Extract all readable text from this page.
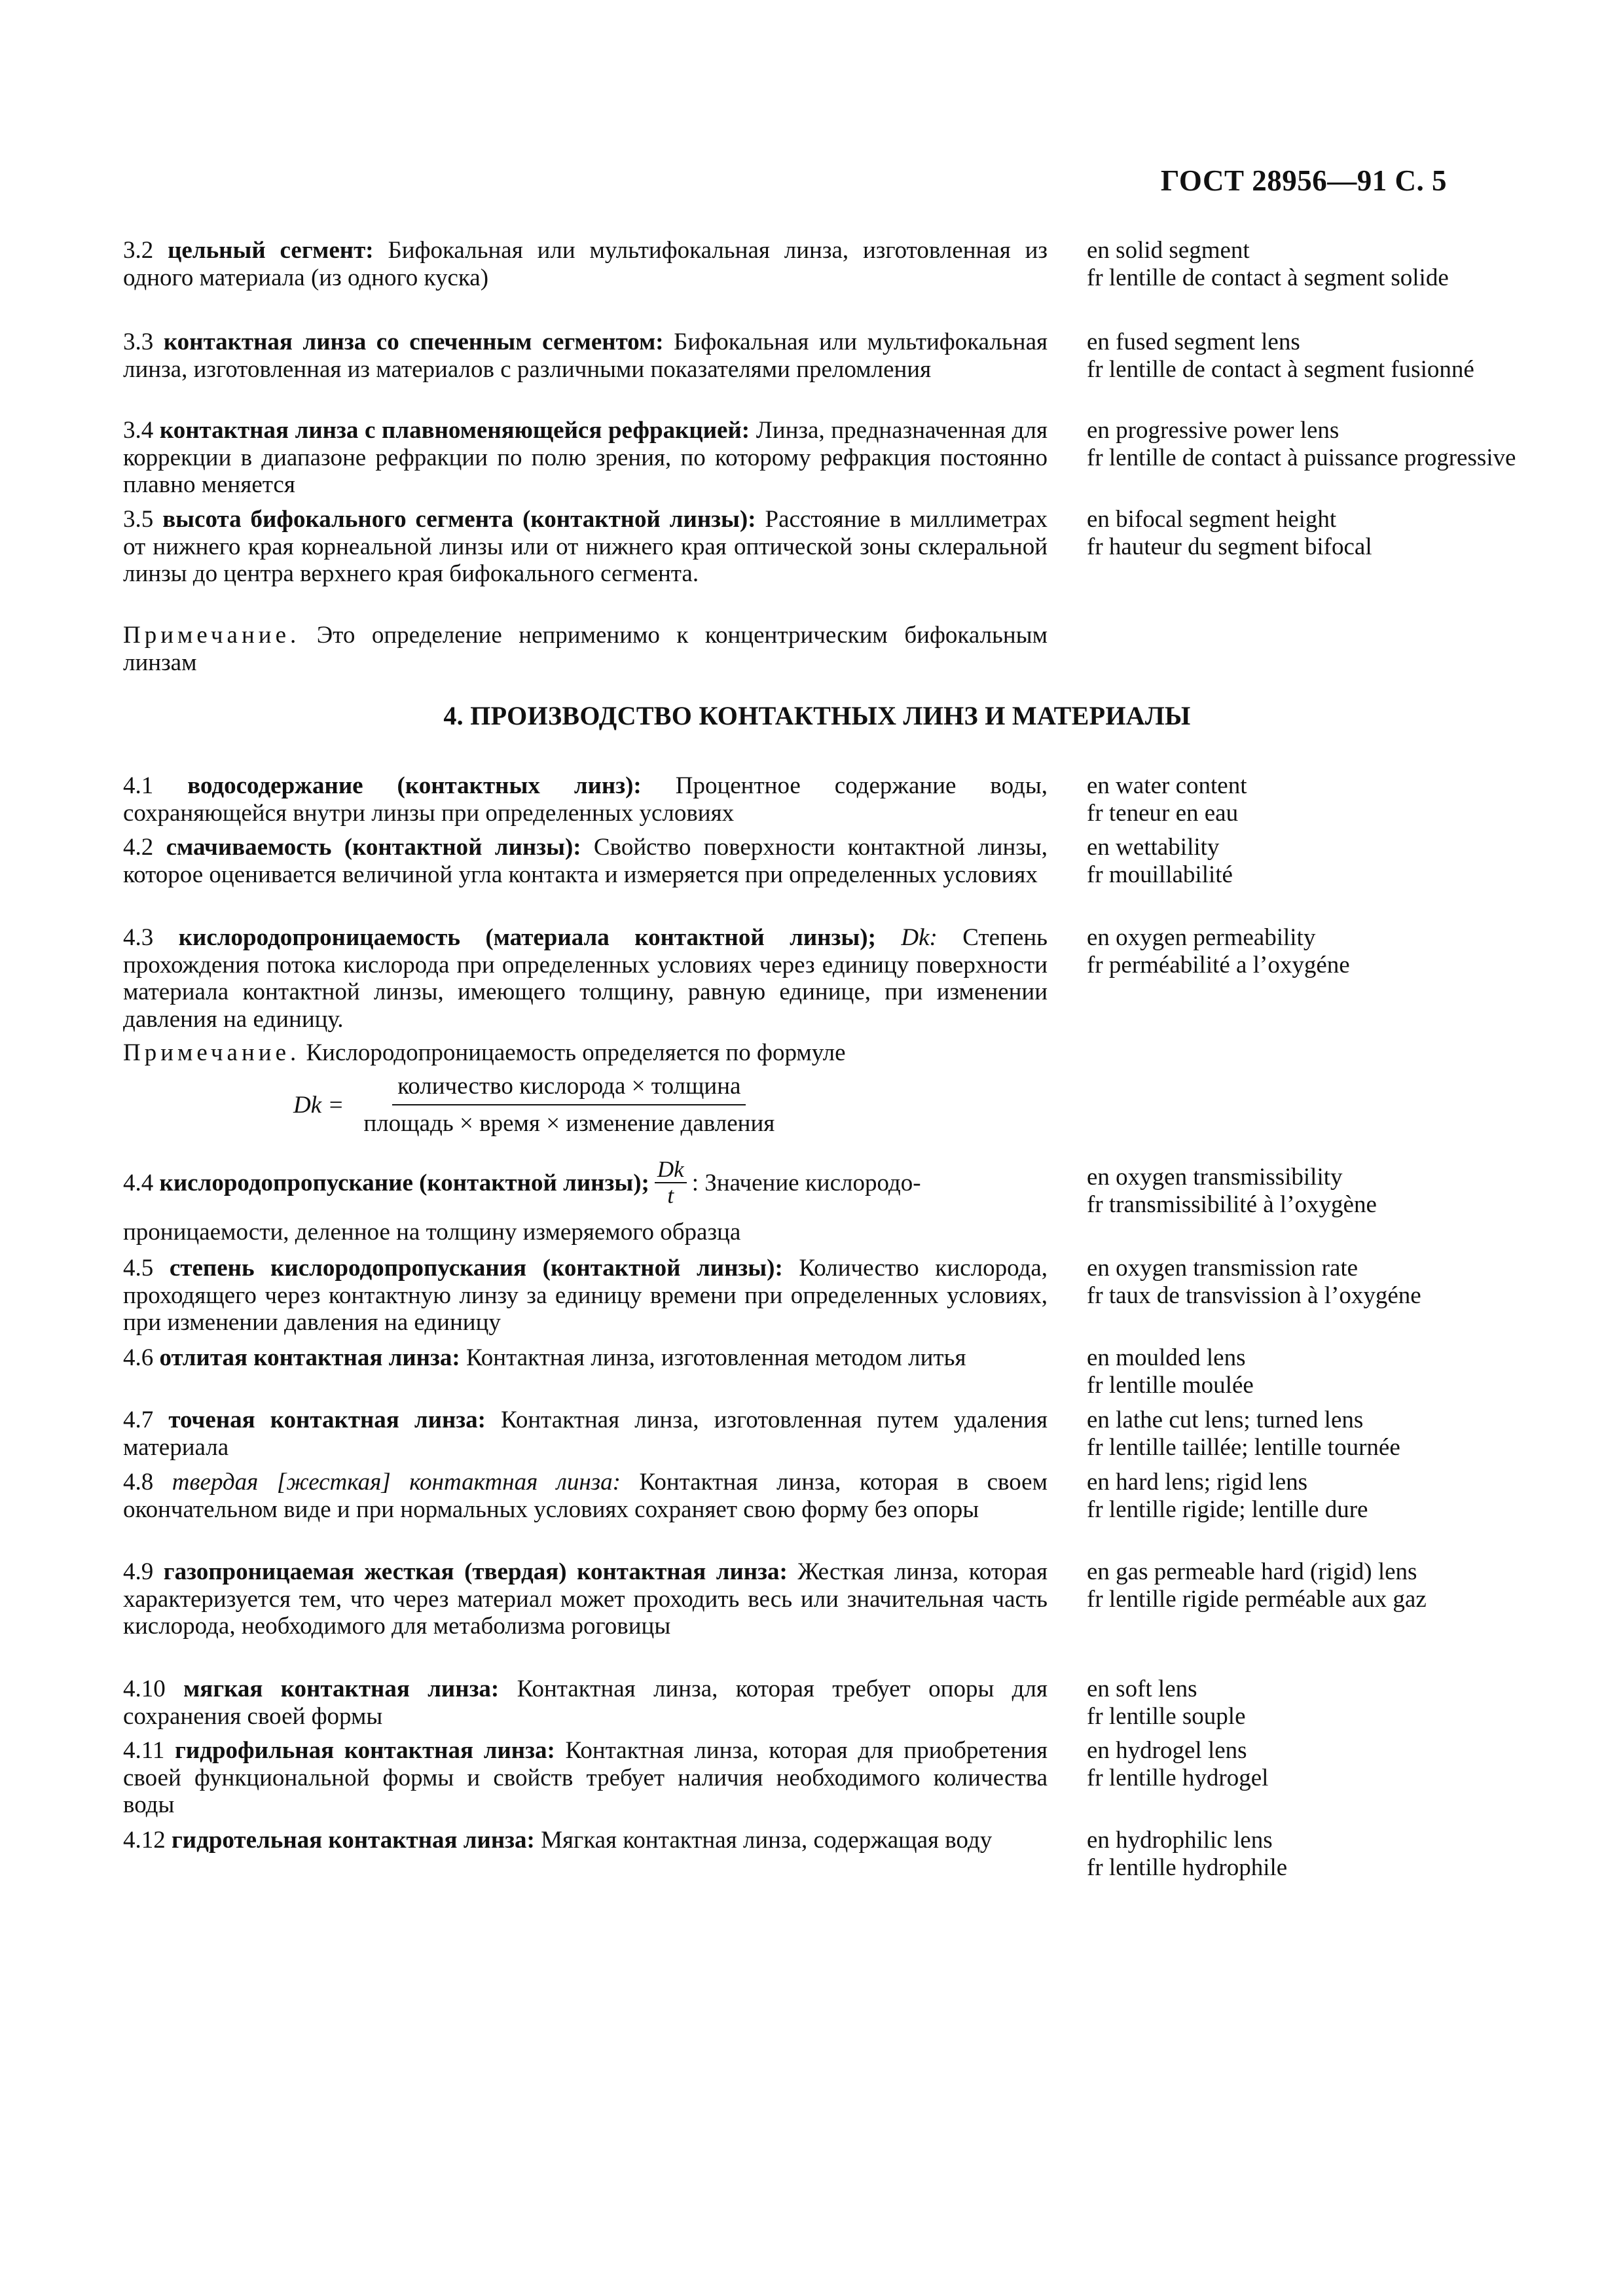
ГОСТ 28956—91 С. 5
3.2 цельный сегмент: Бифокальная или мультифокальная линза, изготовленная из одного материала (из одного куска)
en solid segment
fr lentille de contact à segment solide
3.3 контактная линза со спеченным сегментом: Бифокальная или мультифокальная линза, изготовленная из материалов с различными показателями преломления
en fused segment lens
fr lentille de contact à segment fusionné
3.4 контактная линза с плавноменяющейся рефракцией: Линза, предназначенная для коррекции в диапазоне рефракции по полю зрения, по которому рефракция постоянно плавно меняется
en progressive power lens
fr lentille de contact à puissance progressive
3.5 высота бифокального сегмента (контактной линзы): Расстояние в миллиметрах от нижнего края корнеальной линзы или от нижнего края оптической зоны склеральной линзы до центра верхнего края бифокального сегмента.
en bifocal segment height
fr hauteur du segment bifocal
Примечание. Это определение неприменимо к концентрическим бифокальным линзам
4. ПРОИЗВОДСТВО КОНТАКТНЫХ ЛИНЗ И МАТЕРИАЛЫ
4.1 водосодержание (контактных линз): Процентное содержание воды, сохраняющейся внутри линзы при определенных условиях
en water content
fr teneur en eau
4.2 смачиваемость (контактной линзы): Свойство поверхности контактной линзы, которое оценивается величиной угла контакта и измеряется при определенных условиях
en wettability
fr mouillabilité
4.3 кислородопроницаемость (материала контактной линзы); Dk: Степень прохождения потока кислорода при определенных условиях через единицу поверхности материала контактной линзы, имеющего толщину, равную единице, при изменении давления на единицу.
en oxygen permeability
fr perméabilité a l’oxygéne
Примечание. Кислородопроницаемость определяется по формуле
$Dk = \frac{\text{количество кислорода × толщина}}{\text{площадь × время × изменение давления}}$
4.4
кислородопропускание (контактной линзы); $\frac{Dk}{t}$ : Значение кислородо-
проницаемости, деленное на толщину измеряемого образца
en oxygen transmissibility
fr transmissibilité à l’oxygène
4.5 степень кислородопропускания (контактной линзы): Количество кислорода, проходящего через контактную линзу за единицу времени при определенных условиях, при изменении давления на единицу
en oxygen transmission rate
fr taux de transvission à l’oxygéne
4.6 отлитая контактная линза: Контактная линза, изготовленная методом литья	en moulded lens
fr lentille moulée
4.7 точеная контактная линза: Контактная линза, изготовленная путем удаления материала
en lathe cut lens; turned lens
fr lentille taillée; lentille tournée
4.8 твердая [жесткая] контактная линза: Контактная линза, которая в своем окончательном виде и при нормальных условиях сохраняет свою форму без опоры
en hard lens; rigid lens
fr lentille rigide; lentille dure
4.9 газопроницаемая жесткая (твердая) контактная линза: Жесткая линза, которая характеризуется тем, что через материал может проходить весь или значительная часть кислорода, необходимого для метаболизма роговицы
en gas permeable hard (rigid) lens
fr lentille rigide perméable aux gaz
4.10 мягкая контактная линза: Контактная линза, которая требует опоры для сохранения своей формы
en soft lens
fr lentille souple
4.11 гидрофильная контактная линза: Контактная линза, которая для приобретения своей функциональной формы и свойств требует наличия необходимого количества воды
en hydrogel lens
fr lentille hydrogel
4.12 гидротельная контактная линза: Мягкая контактная линза, содержащая воду	en hydrophilic lens
fr lentille hydrophile
